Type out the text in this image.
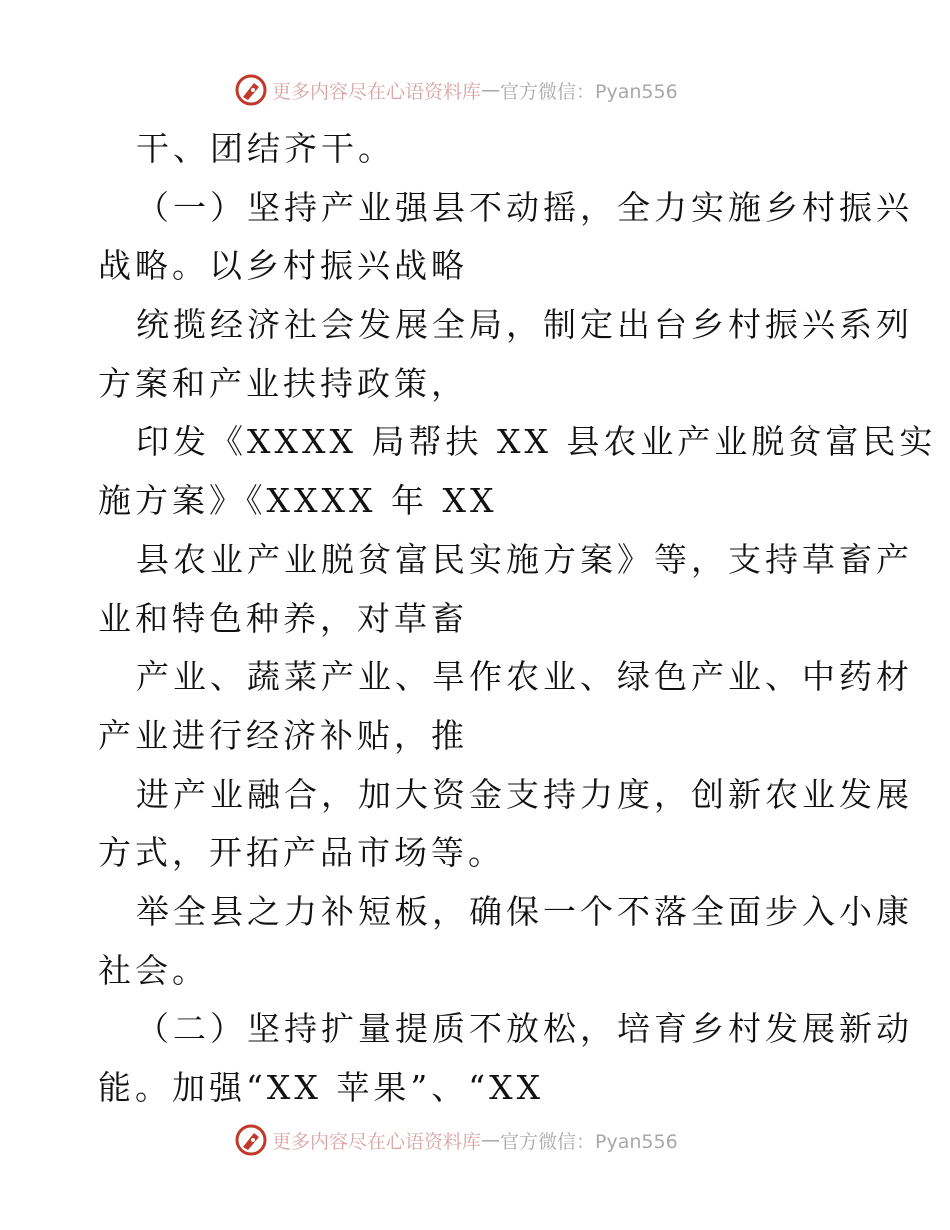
更多内容尽在心语资料库 — 官方微信：Pyan556
干、团结齐干。
（一）坚持产业强县不动摇，全力实施乡村振兴
战略。以乡村振兴战略
统揽经济社会发展全局，制定出台乡村振兴系列
方案和产业扶持政策，
印发《XXXX 局帮扶 XX 县农业产业脱贫富民实
施方案》《XXXX 年 XX
县农业产业脱贫富民实施方案》等，支持草畜产
业和特色种养，对草畜
产业、蔬菜产业、旱作农业、绿色产业、中药材
产业进行经济补贴，推
进产业融合，加大资金支持力度，创新农业发展
方式，开拓产品市场等。
举全县之力补短板，确保一个不落全面步入小康
社会。
（二）坚持扩量提质不放松，培育乡村发展新动
能。加强“XX 苹果”、“XX
更多内容尽在心语资料库 — 官方微信：Pyan556
